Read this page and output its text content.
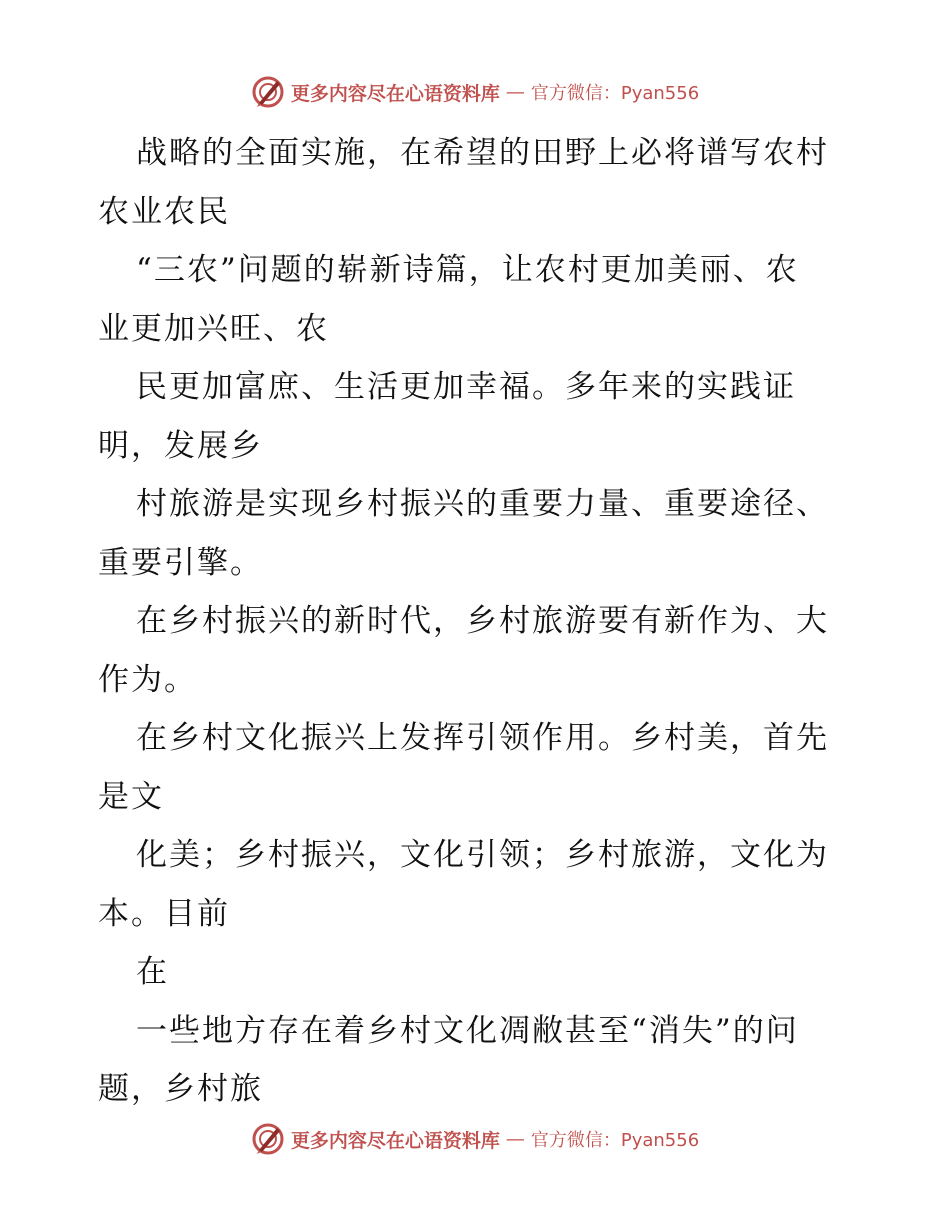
更多内容尽在心语资料库 — 官方微信：Pyan556
战略的全面实施，在希望的田野上必将谱写农村
农业农民
“三农”问题的崭新诗篇，让农村更加美丽、农
业更加兴旺、农
民更加富庶、生活更加幸福。多年来的实践证
明，发展乡
村旅游是实现乡村振兴的重要力量、重要途径、
重要引擎。
在乡村振兴的新时代，乡村旅游要有新作为、大
作为。
在乡村文化振兴上发挥引领作用。乡村美，首先
是文
化美；乡村振兴，文化引领；乡村旅游，文化为
本。目前
在
一些地方存在着乡村文化凋敝甚至“消失”的问
题，乡村旅
更多内容尽在心语资料库 — 官方微信：Pyan556
